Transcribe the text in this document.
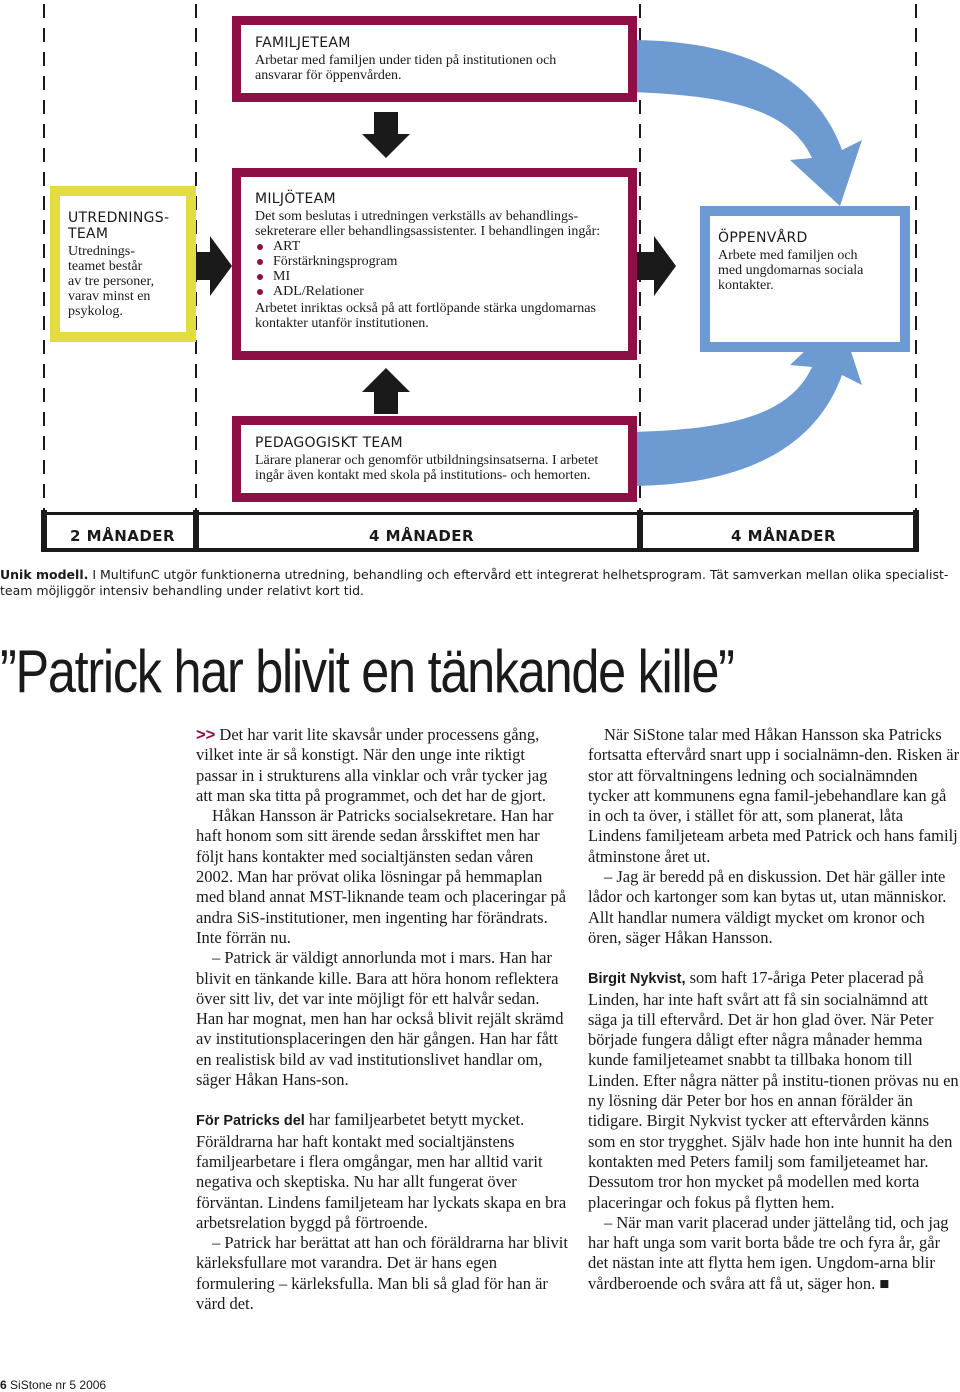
FAMILJETEAM
Arbetar med familjen under tiden på institutionen och ansvarar för öppenvården.
UTREDNINGS-
TEAM
Utrednings-
teamet består
av tre personer,
varav minst en
psykolog.
MILJÖTEAM
Det som beslutas i utredningen verkställs av behandlings-
sekreterare eller behandlingsassistenter. I behandlingen ingår:
ART
Förstärkningsprogram
MI
ADL/Relationer
Arbetet inriktas också på att fortlöpande stärka ungdomarnas
kontakter utanför institutionen.
ÖPPENVÅRD
Arbete med familjen och
med ungdomarnas sociala
kontakter.
PEDAGOGISKT TEAM
Lärare planerar och genomför utbildningsinsatserna. I arbetet
ingår även kontakt med skola på institutions- och hemorten.
2 MÅNADER	4 MÅNADER	4 MÅNADER
Unik modell. I MultifunC utgör funktionerna utredning, behandling och eftervård ett integrerat helhetsprogram. Tät samverkan mellan olika specialist-
team möjliggör intensiv behandling under relativt kort tid.
”Patrick har blivit en tänkande kille”

>> Det har varit lite skavsår under processens gång, vilket inte är så konstigt. När den unge inte riktigt passar in i strukturens alla vinklar och vrår tycker jag att man ska titta på programmet, och det har de gjort.

Håkan Hansson är Patricks socialsekretare. Han har haft honom som sitt ärende sedan årsskiftet men har följt hans kontakter med socialtjänsten sedan våren 2002. Man har prövat olika lösningar på hemmaplan med bland annat MST-liknande team och placeringar på andra SiS-institutioner, men ingenting har förändrats. Inte förrän nu.

– Patrick är väldigt annorlunda mot i mars. Han har blivit en tänkande kille. Bara att höra honom reflektera över sitt liv, det var inte möjligt för ett halvår sedan. Han har mognat, men han har också blivit rejält skrämd av institutionsplaceringen den här gången. Han har fått en realistisk bild av vad institutionslivet handlar om, säger Håkan Hans-son.

För Patricks del har familjearbetet betytt mycket. Föräldrarna har haft kontakt med socialtjänstens familjearbetare i flera omgångar, men har alltid varit negativa och skeptiska. Nu har allt fungerat över förväntan. Lindens familjeteam har lyckats skapa en bra arbetsrelation byggd på förtroende.

– Patrick har berättat att han och föräldrarna har blivit kärleksfullare mot varandra. Det är hans egen formulering – kärleksfulla. Man bli så glad för han är värd det.

När SiStone talar med Håkan Hansson ska Patricks fortsatta eftervård snart upp i socialnämn-den. Risken är stor att förvaltningens ledning och socialnämnden tycker att kommunens egna famil-jebehandlare kan gå in och ta över, i stället för att, som planerat, låta Lindens familjeteam arbeta med Patrick och hans familj åtminstone året ut.

– Jag är beredd på en diskussion. Det här gäller inte lådor och kartonger som kan bytas ut, utan människor. Allt handlar numera väldigt mycket om kronor och ören, säger Håkan Hansson.

Birgit Nykvist, som haft 17-åriga Peter placerad på Linden, har inte haft svårt att få sin socialnämnd att säga ja till eftervård. Det är hon glad över. När Peter började fungera dåligt efter några månader hemma kunde familjeteamet snabbt ta tillbaka honom till Linden. Efter några nätter på institu-tionen prövas nu en ny lösning där Peter bor hos en annan förälder än tidigare. Birgit Nykvist tycker att eftervården känns som en stor trygghet. Själv hade hon inte hunnit ha den kontakten med Peters familj som familjeteamet har. Dessutom tror hon mycket på modellen med korta placeringar och fokus på flytten hem.

– När man varit placerad under jättelång tid, och jag har haft unga som varit borta både tre och fyra år, går det nästan inte att flytta hem igen. Ungdom-arna blir vårdberoende och svåra att få ut, säger hon. ■

6 SiStone nr 5 2006
